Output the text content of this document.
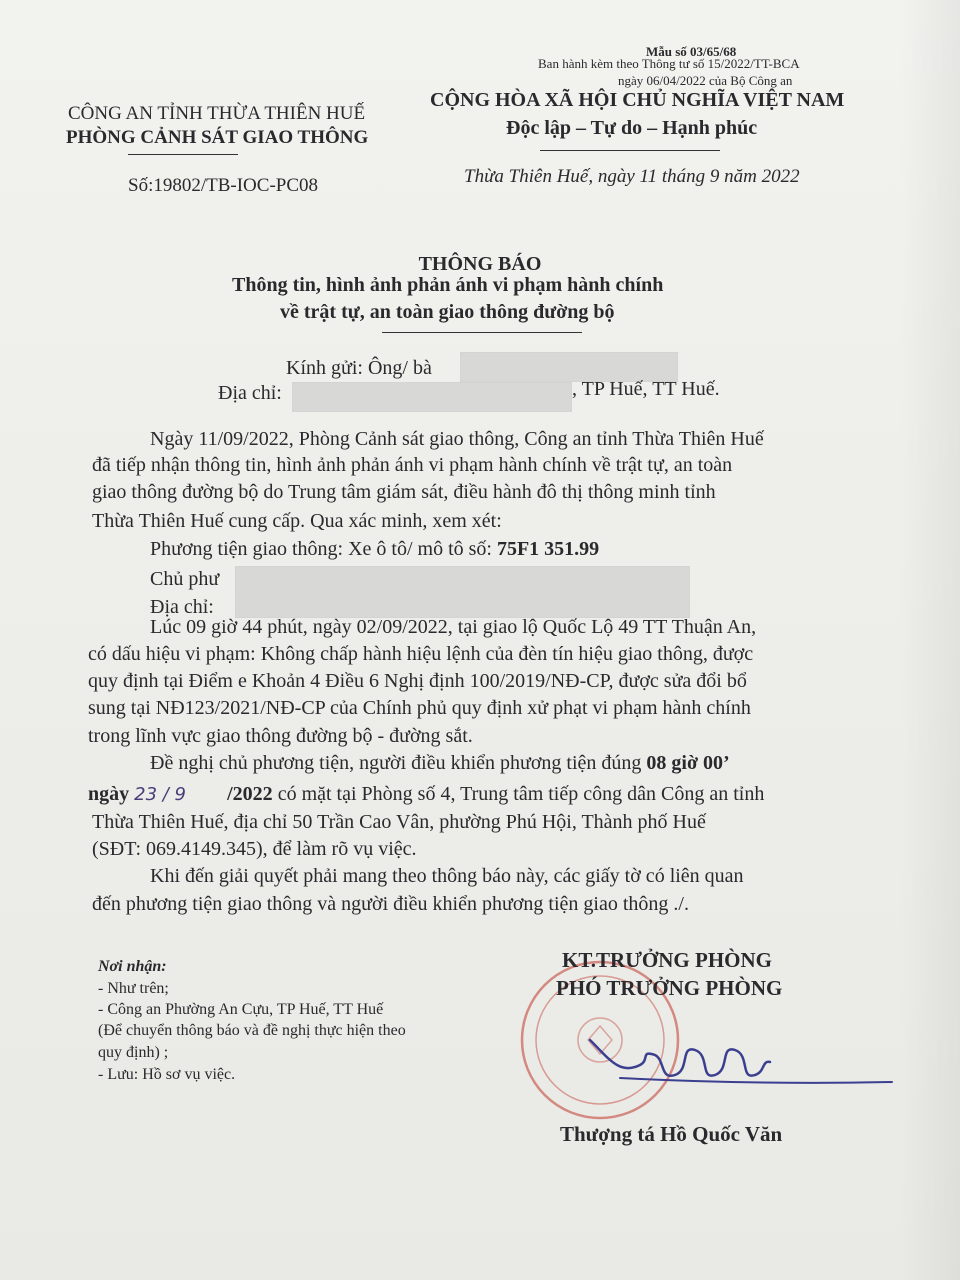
Mẫu số 03/65/68
Ban hành kèm theo Thông tư số 15/2022/TT-BCA
ngày 06/04/2022 của Bộ Công an
CÔNG AN TỈNH THỪA THIÊN HUẾ
PHÒNG CẢNH SÁT GIAO THÔNG
CỘNG HÒA XÃ HỘI CHỦ NGHĨA VIỆT NAM
Độc lập – Tự do – Hạnh phúc
Số:19802/TB-IOC-PC08	Thừa Thiên Huế, ngày 11 tháng 9 năm 2022
THÔNG BÁO
Thông tin, hình ảnh phản ánh vi phạm hành chính
về trật tự, an toàn giao thông đường bộ
Kính gửi: Ông/ bà
Địa chỉ:	, TP Huế, TT Huế.
Ngày 11/09/2022, Phòng Cảnh sát giao thông, Công an tỉnh Thừa Thiên Huế
đã tiếp nhận thông tin, hình ảnh phản ánh vi phạm hành chính về trật tự, an toàn
giao thông đường bộ do Trung tâm giám sát, điều hành đô thị thông minh tỉnh
Thừa Thiên Huế cung cấp. Qua xác minh, xem xét:
Phương tiện giao thông: Xe ô tô/ mô tô số: 75F1 351.99
Chủ phư
Địa chỉ:
Lúc 09 giờ 44 phút, ngày 02/09/2022, tại giao lộ Quốc Lộ 49 TT Thuận An,
có dấu hiệu vi phạm: Không chấp hành hiệu lệnh của đèn tín hiệu giao thông, được
quy định tại Điểm e Khoản 4 Điều 6 Nghị định 100/2019/NĐ-CP, được sửa đổi bổ
sung tại NĐ123/2021/NĐ-CP của Chính phủ quy định xử phạt vi phạm hành chính
trong lĩnh vực giao thông đường bộ - đường sắt.
Đề nghị chủ phương tiện, người điều khiển phương tiện đúng 08 giờ 00’
ngày 23 / 9 /2022 có mặt tại Phòng số 4, Trung tâm tiếp công dân Công an tỉnh
Thừa Thiên Huế, địa chỉ 50 Trần Cao Vân, phường Phú Hội, Thành phố Huế
(SĐT: 069.4149.345), để làm rõ vụ việc.
Khi đến giải quyết phải mang theo thông báo này, các giấy tờ có liên quan
đến phương tiện giao thông và người điều khiển phương tiện giao thông ./.
Nơi nhận:
- Như trên;
- Công an Phường An Cựu, TP Huế, TT Huế
(Để chuyển thông báo và đề nghị thực hiện theo
quy định) ;
- Lưu: Hồ sơ vụ việc.
KT.TRƯỞNG PHÒNG
PHÓ TRƯỞNG PHÒNG
Thượng tá Hồ Quốc Văn
